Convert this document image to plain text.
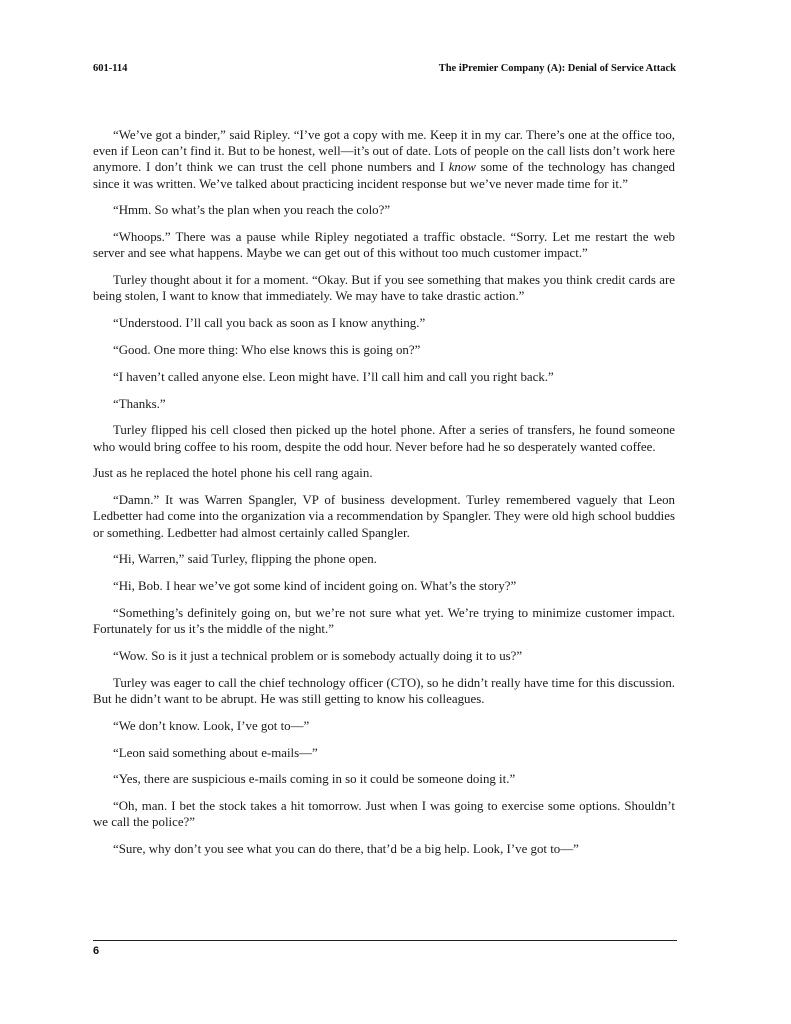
601-114	The iPremier Company (A): Denial of Service Attack

“We’ve got a binder,” said Ripley. “I’ve got a copy with me. Keep it in my car. There’s one at the office too, even if Leon can’t find it. But to be honest, well—it’s out of date. Lots of people on the call lists don’t work here anymore. I don’t think we can trust the cell phone numbers and I know some of the technology has changed since it was written. We’ve talked about practicing incident response but we’ve never made time for it.”

“Hmm. So what’s the plan when you reach the colo?”

“Whoops.” There was a pause while Ripley negotiated a traffic obstacle. “Sorry. Let me restart the web server and see what happens. Maybe we can get out of this without too much customer impact.”

Turley thought about it for a moment. “Okay. But if you see something that makes you think credit cards are being stolen, I want to know that immediately. We may have to take drastic action.”

“Understood. I’ll call you back as soon as I know anything.”

“Good. One more thing: Who else knows this is going on?”

“I haven’t called anyone else. Leon might have. I’ll call him and call you right back.”

“Thanks.”

Turley flipped his cell closed then picked up the hotel phone. After a series of transfers, he found someone who would bring coffee to his room, despite the odd hour. Never before had he so desperately wanted coffee.

Just as he replaced the hotel phone his cell rang again.

“Damn.” It was Warren Spangler, VP of business development. Turley remembered vaguely that Leon Ledbetter had come into the organization via a recommendation by Spangler. They were old high school buddies or something. Ledbetter had almost certainly called Spangler.

“Hi, Warren,” said Turley, flipping the phone open.

“Hi, Bob. I hear we’ve got some kind of incident going on. What’s the story?”

“Something’s definitely going on, but we’re not sure what yet. We’re trying to minimize customer impact. Fortunately for us it’s the middle of the night.”

“Wow. So is it just a technical problem or is somebody actually doing it to us?”

Turley was eager to call the chief technology officer (CTO), so he didn’t really have time for this discussion. But he didn’t want to be abrupt. He was still getting to know his colleagues.

“We don’t know. Look, I’ve got to—”

“Leon said something about e-mails—”

“Yes, there are suspicious e-mails coming in so it could be someone doing it.”

“Oh, man. I bet the stock takes a hit tomorrow. Just when I was going to exercise some options. Shouldn’t we call the police?”

“Sure, why don’t you see what you can do there, that’d be a big help. Look, I’ve got to—”

6
